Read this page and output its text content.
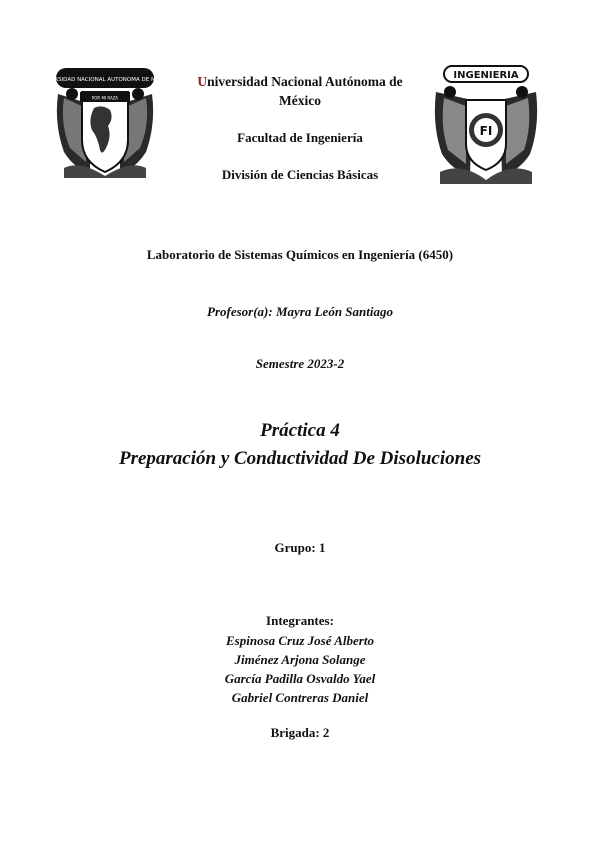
UNIVERSIDAD NACIONAL AUTONOMA DE MEXICO
POR MI RAZA
INGENIERIA
FI
Universidad Nacional Autónoma de México
Facultad de Ingeniería
División de Ciencias Básicas
Laboratorio de Sistemas Químicos en Ingeniería (6450)
Profesor(a): Mayra León Santiago
Semestre 2023-2
Práctica 4
Preparación y Conductividad De Disoluciones
Grupo: 1
Integrantes:
Espinosa Cruz José Alberto
Jiménez Arjona Solange
García Padilla Osvaldo Yael
Gabriel Contreras Daniel
Brigada: 2
